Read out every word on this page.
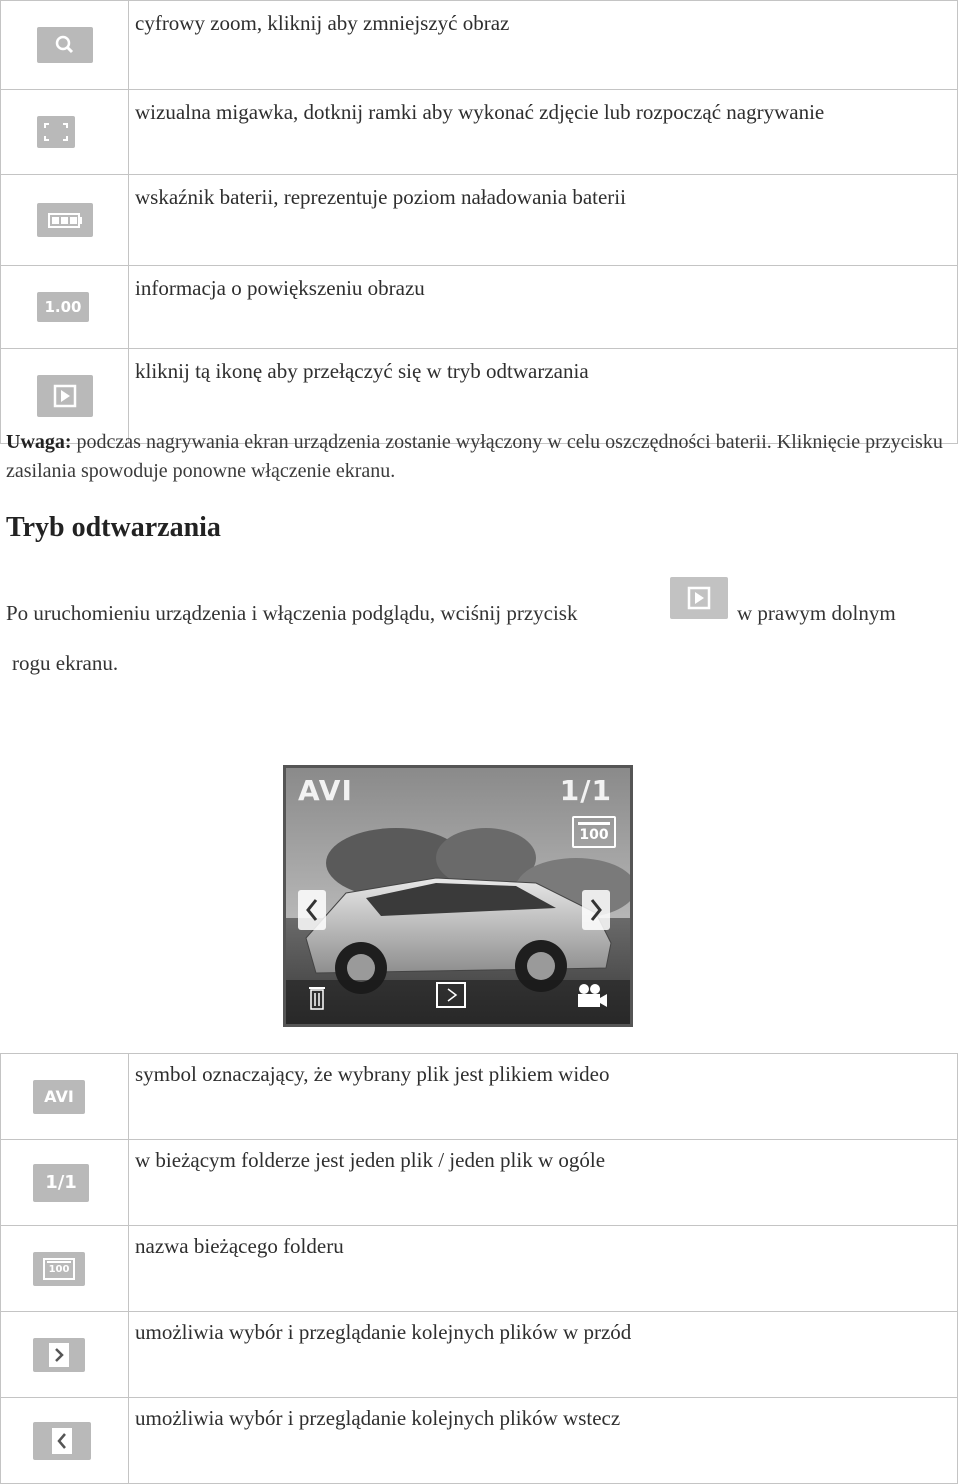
	cyfrowy zoom, kliknij aby zmniejszyć obraz

	wizualna migawka, dotknij ramki aby wykonać zdjęcie lub rozpocząć nagrywanie

	wskaźnik baterii, reprezentuje poziom naładowania baterii

1.00	informacja o powiększeniu obrazu

	kliknij tą ikonę aby przełączyć się w tryb odtwarzania
Uwaga: podczas nagrywania ekran urządzenia zostanie wyłączony w celu oszczędności baterii. Kliknięcie przycisku zasilania spowoduje ponowne włączenie ekranu.
Tryb odtwarzania
Po uruchomieniu urządzenia i włączenia podglądu, wciśnij przycisk	w prawym dolnym
rogu ekranu.
AVI	1/1
100
AVI	symbol oznaczający, że wybrany plik jest plikiem wideo

1/1	w bieżącym folderze jest jeden plik / jeden plik w ogóle

100	nazwa bieżącego folderu

	umożliwia wybór i przeglądanie kolejnych plików w przód

	umożliwia wybór i przeglądanie kolejnych plików wstecz
